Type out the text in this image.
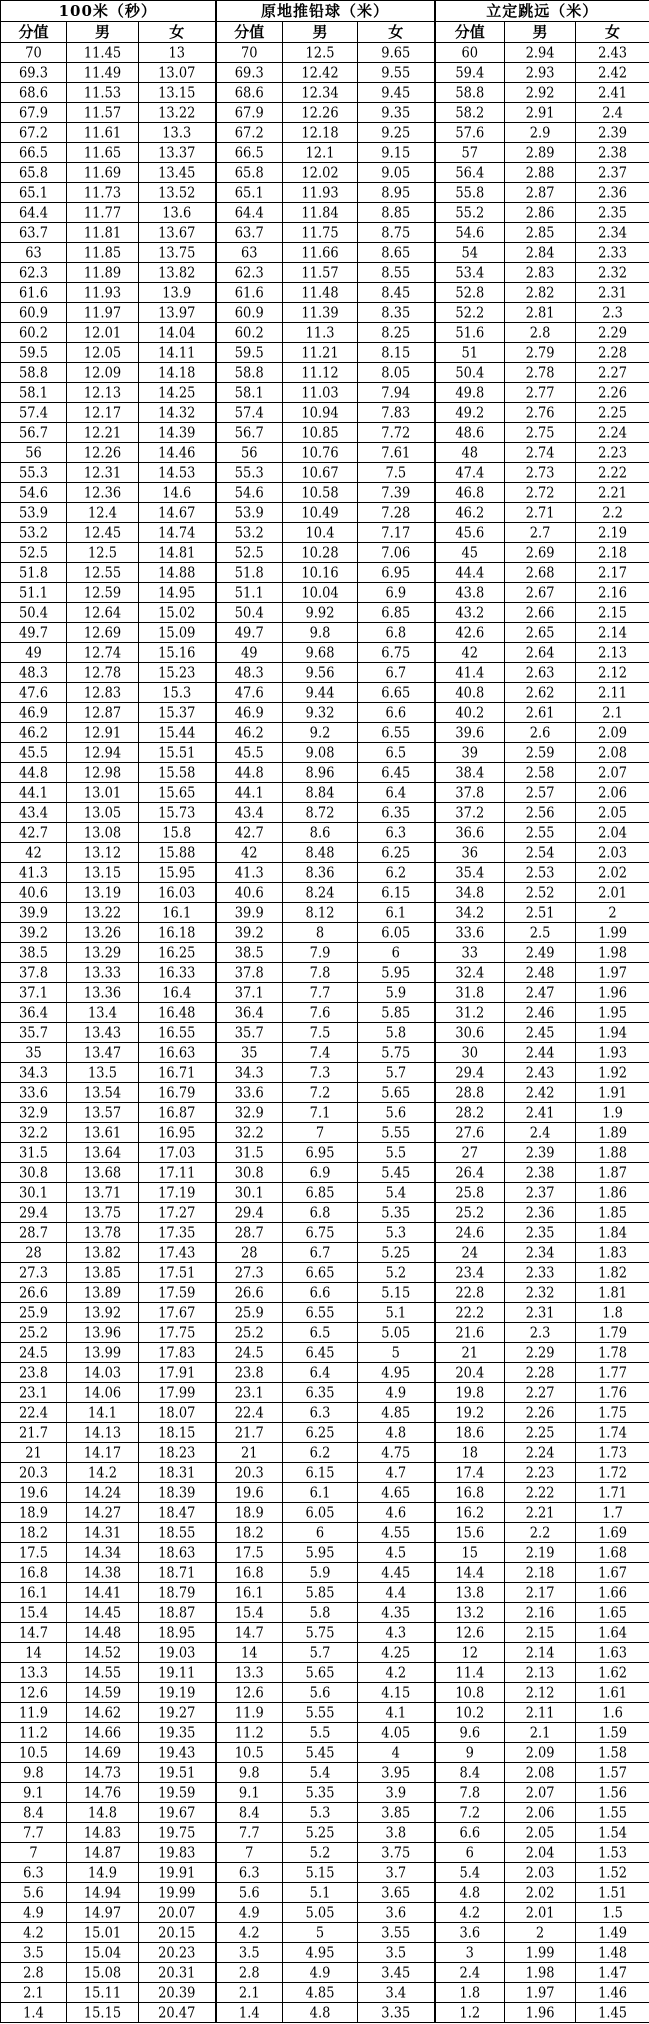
100米（秒）			原地推铅球（米）			立定跳远（米）		
分值	男	女	分值	男	女	分值	男	女
70	11.45	13	70	12.5	9.65	60	2.94	2.43
69.3	11.49	13.07	69.3	12.42	9.55	59.4	2.93	2.42
68.6	11.53	13.15	68.6	12.34	9.45	58.8	2.92	2.41
67.9	11.57	13.22	67.9	12.26	9.35	58.2	2.91	2.4
67.2	11.61	13.3	67.2	12.18	9.25	57.6	2.9	2.39
66.5	11.65	13.37	66.5	12.1	9.15	57	2.89	2.38
65.8	11.69	13.45	65.8	12.02	9.05	56.4	2.88	2.37
65.1	11.73	13.52	65.1	11.93	8.95	55.8	2.87	2.36
64.4	11.77	13.6	64.4	11.84	8.85	55.2	2.86	2.35
63.7	11.81	13.67	63.7	11.75	8.75	54.6	2.85	2.34
63	11.85	13.75	63	11.66	8.65	54	2.84	2.33
62.3	11.89	13.82	62.3	11.57	8.55	53.4	2.83	2.32
61.6	11.93	13.9	61.6	11.48	8.45	52.8	2.82	2.31
60.9	11.97	13.97	60.9	11.39	8.35	52.2	2.81	2.3
60.2	12.01	14.04	60.2	11.3	8.25	51.6	2.8	2.29
59.5	12.05	14.11	59.5	11.21	8.15	51	2.79	2.28
58.8	12.09	14.18	58.8	11.12	8.05	50.4	2.78	2.27
58.1	12.13	14.25	58.1	11.03	7.94	49.8	2.77	2.26
57.4	12.17	14.32	57.4	10.94	7.83	49.2	2.76	2.25
56.7	12.21	14.39	56.7	10.85	7.72	48.6	2.75	2.24
56	12.26	14.46	56	10.76	7.61	48	2.74	2.23
55.3	12.31	14.53	55.3	10.67	7.5	47.4	2.73	2.22
54.6	12.36	14.6	54.6	10.58	7.39	46.8	2.72	2.21
53.9	12.4	14.67	53.9	10.49	7.28	46.2	2.71	2.2
53.2	12.45	14.74	53.2	10.4	7.17	45.6	2.7	2.19
52.5	12.5	14.81	52.5	10.28	7.06	45	2.69	2.18
51.8	12.55	14.88	51.8	10.16	6.95	44.4	2.68	2.17
51.1	12.59	14.95	51.1	10.04	6.9	43.8	2.67	2.16
50.4	12.64	15.02	50.4	9.92	6.85	43.2	2.66	2.15
49.7	12.69	15.09	49.7	9.8	6.8	42.6	2.65	2.14
49	12.74	15.16	49	9.68	6.75	42	2.64	2.13
48.3	12.78	15.23	48.3	9.56	6.7	41.4	2.63	2.12
47.6	12.83	15.3	47.6	9.44	6.65	40.8	2.62	2.11
46.9	12.87	15.37	46.9	9.32	6.6	40.2	2.61	2.1
46.2	12.91	15.44	46.2	9.2	6.55	39.6	2.6	2.09
45.5	12.94	15.51	45.5	9.08	6.5	39	2.59	2.08
44.8	12.98	15.58	44.8	8.96	6.45	38.4	2.58	2.07
44.1	13.01	15.65	44.1	8.84	6.4	37.8	2.57	2.06
43.4	13.05	15.73	43.4	8.72	6.35	37.2	2.56	2.05
42.7	13.08	15.8	42.7	8.6	6.3	36.6	2.55	2.04
42	13.12	15.88	42	8.48	6.25	36	2.54	2.03
41.3	13.15	15.95	41.3	8.36	6.2	35.4	2.53	2.02
40.6	13.19	16.03	40.6	8.24	6.15	34.8	2.52	2.01
39.9	13.22	16.1	39.9	8.12	6.1	34.2	2.51	2
39.2	13.26	16.18	39.2	8	6.05	33.6	2.5	1.99
38.5	13.29	16.25	38.5	7.9	6	33	2.49	1.98
37.8	13.33	16.33	37.8	7.8	5.95	32.4	2.48	1.97
37.1	13.36	16.4	37.1	7.7	5.9	31.8	2.47	1.96
36.4	13.4	16.48	36.4	7.6	5.85	31.2	2.46	1.95
35.7	13.43	16.55	35.7	7.5	5.8	30.6	2.45	1.94
35	13.47	16.63	35	7.4	5.75	30	2.44	1.93
34.3	13.5	16.71	34.3	7.3	5.7	29.4	2.43	1.92
33.6	13.54	16.79	33.6	7.2	5.65	28.8	2.42	1.91
32.9	13.57	16.87	32.9	7.1	5.6	28.2	2.41	1.9
32.2	13.61	16.95	32.2	7	5.55	27.6	2.4	1.89
31.5	13.64	17.03	31.5	6.95	5.5	27	2.39	1.88
30.8	13.68	17.11	30.8	6.9	5.45	26.4	2.38	1.87
30.1	13.71	17.19	30.1	6.85	5.4	25.8	2.37	1.86
29.4	13.75	17.27	29.4	6.8	5.35	25.2	2.36	1.85
28.7	13.78	17.35	28.7	6.75	5.3	24.6	2.35	1.84
28	13.82	17.43	28	6.7	5.25	24	2.34	1.83
27.3	13.85	17.51	27.3	6.65	5.2	23.4	2.33	1.82
26.6	13.89	17.59	26.6	6.6	5.15	22.8	2.32	1.81
25.9	13.92	17.67	25.9	6.55	5.1	22.2	2.31	1.8
25.2	13.96	17.75	25.2	6.5	5.05	21.6	2.3	1.79
24.5	13.99	17.83	24.5	6.45	5	21	2.29	1.78
23.8	14.03	17.91	23.8	6.4	4.95	20.4	2.28	1.77
23.1	14.06	17.99	23.1	6.35	4.9	19.8	2.27	1.76
22.4	14.1	18.07	22.4	6.3	4.85	19.2	2.26	1.75
21.7	14.13	18.15	21.7	6.25	4.8	18.6	2.25	1.74
21	14.17	18.23	21	6.2	4.75	18	2.24	1.73
20.3	14.2	18.31	20.3	6.15	4.7	17.4	2.23	1.72
19.6	14.24	18.39	19.6	6.1	4.65	16.8	2.22	1.71
18.9	14.27	18.47	18.9	6.05	4.6	16.2	2.21	1.7
18.2	14.31	18.55	18.2	6	4.55	15.6	2.2	1.69
17.5	14.34	18.63	17.5	5.95	4.5	15	2.19	1.68
16.8	14.38	18.71	16.8	5.9	4.45	14.4	2.18	1.67
16.1	14.41	18.79	16.1	5.85	4.4	13.8	2.17	1.66
15.4	14.45	18.87	15.4	5.8	4.35	13.2	2.16	1.65
14.7	14.48	18.95	14.7	5.75	4.3	12.6	2.15	1.64
14	14.52	19.03	14	5.7	4.25	12	2.14	1.63
13.3	14.55	19.11	13.3	5.65	4.2	11.4	2.13	1.62
12.6	14.59	19.19	12.6	5.6	4.15	10.8	2.12	1.61
11.9	14.62	19.27	11.9	5.55	4.1	10.2	2.11	1.6
11.2	14.66	19.35	11.2	5.5	4.05	9.6	2.1	1.59
10.5	14.69	19.43	10.5	5.45	4	9	2.09	1.58
9.8	14.73	19.51	9.8	5.4	3.95	8.4	2.08	1.57
9.1	14.76	19.59	9.1	5.35	3.9	7.8	2.07	1.56
8.4	14.8	19.67	8.4	5.3	3.85	7.2	2.06	1.55
7.7	14.83	19.75	7.7	5.25	3.8	6.6	2.05	1.54
7	14.87	19.83	7	5.2	3.75	6	2.04	1.53
6.3	14.9	19.91	6.3	5.15	3.7	5.4	2.03	1.52
5.6	14.94	19.99	5.6	5.1	3.65	4.8	2.02	1.51
4.9	14.97	20.07	4.9	5.05	3.6	4.2	2.01	1.5
4.2	15.01	20.15	4.2	5	3.55	3.6	2	1.49
3.5	15.04	20.23	3.5	4.95	3.5	3	1.99	1.48
2.8	15.08	20.31	2.8	4.9	3.45	2.4	1.98	1.47
2.1	15.11	20.39	2.1	4.85	3.4	1.8	1.97	1.46
1.4	15.15	20.47	1.4	4.8	3.35	1.2	1.96	1.45
